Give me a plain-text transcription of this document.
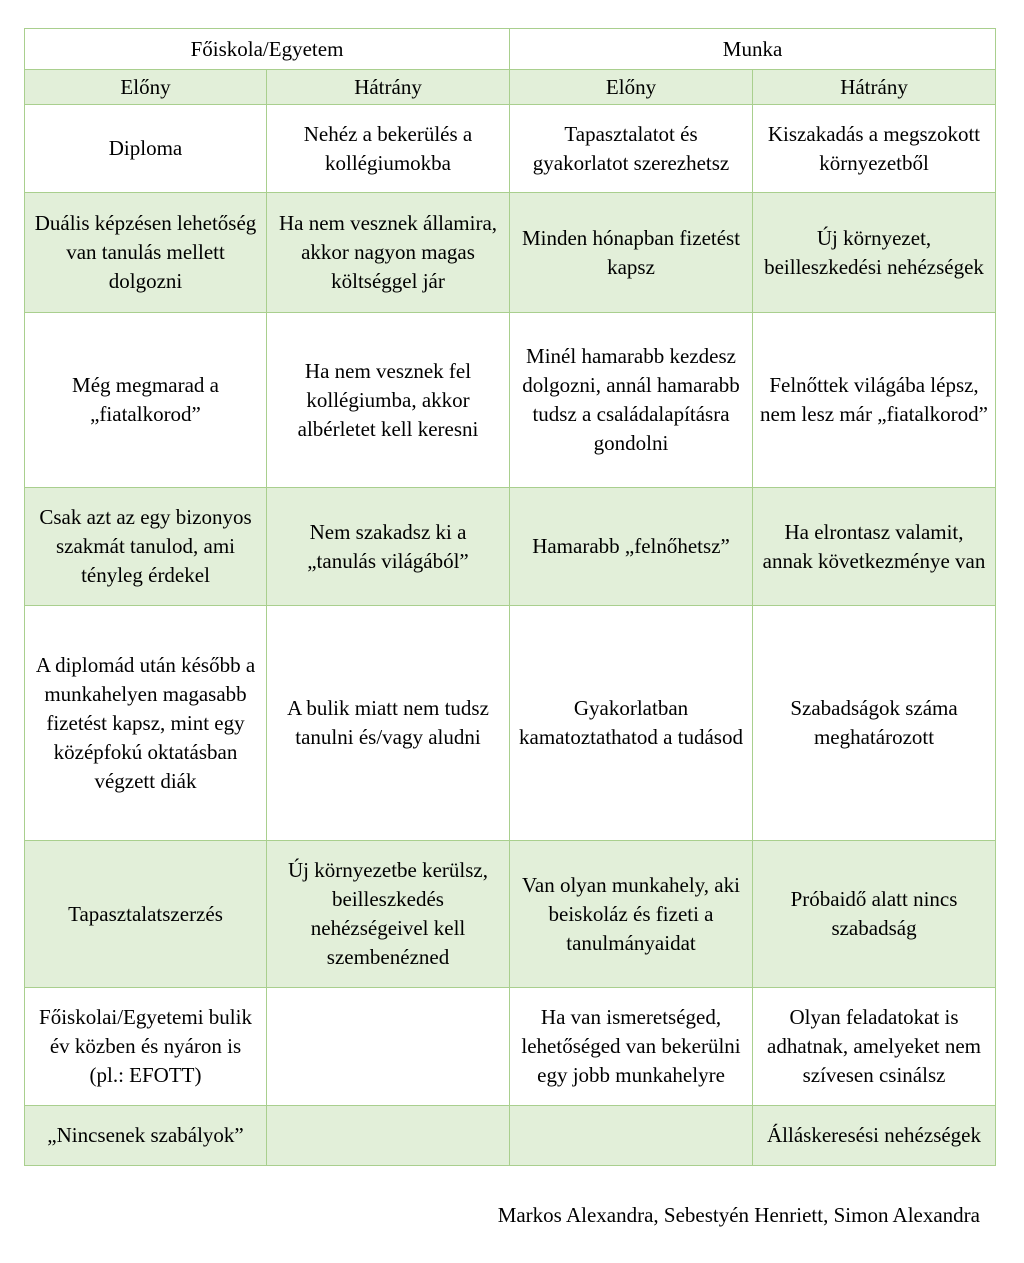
Főiskola/Egyetem		Munka	
Előny	Hátrány	Előny	Hátrány
Diploma	Nehéz a bekerülés a kollégiumokba	Tapasztalatot és gyakorlatot szerezhetsz	Kiszakadás a megszokott környezetből
Duális képzésen lehetőség van tanulás mellett dolgozni	Ha nem vesznek államira, akkor nagyon magas költséggel jár	Minden hónapban fizetést kapsz	Új környezet, beilleszkedési nehézségek
Még megmarad a „fiatalkorod”	Ha nem vesznek fel kollégiumba, akkor albérletet kell keresni	Minél hamarabb kezdesz dolgozni, annál hamarabb tudsz a családalapításra gondolni	Felnőttek világába lépsz, nem lesz már „fiatalkorod”
Csak azt az egy bizonyos szakmát tanulod, ami tényleg érdekel	Nem szakadsz ki a „tanulás világából”	Hamarabb „felnőhetsz”	Ha elrontasz valamit, annak következménye van
A diplomád után később a munkahelyen magasabb fizetést kapsz, mint egy középfokú oktatásban végzett diák	A bulik miatt nem tudsz tanulni és/vagy aludni	Gyakorlatban kamatoztathatod a tudásod	Szabadságok száma meghatározott
Tapasztalatszerzés	Új környezetbe kerülsz, beilleszkedés nehézségeivel kell szembenézned	Van olyan munkahely, aki beiskoláz és fizeti a tanulmányaidat	Próbaidő alatt nincs szabadság
Főiskolai/Egyetemi bulik év közben és nyáron is (pl.: EFOTT)		Ha van ismeretséged, lehetőséged van bekerülni egy jobb munkahelyre	Olyan feladatokat is adhatnak, amelyeket nem szívesen csinálsz
„Nincsenek szabályok”			Álláskeresési nehézségek
Markos Alexandra, Sebestyén Henriett, Simon Alexandra
